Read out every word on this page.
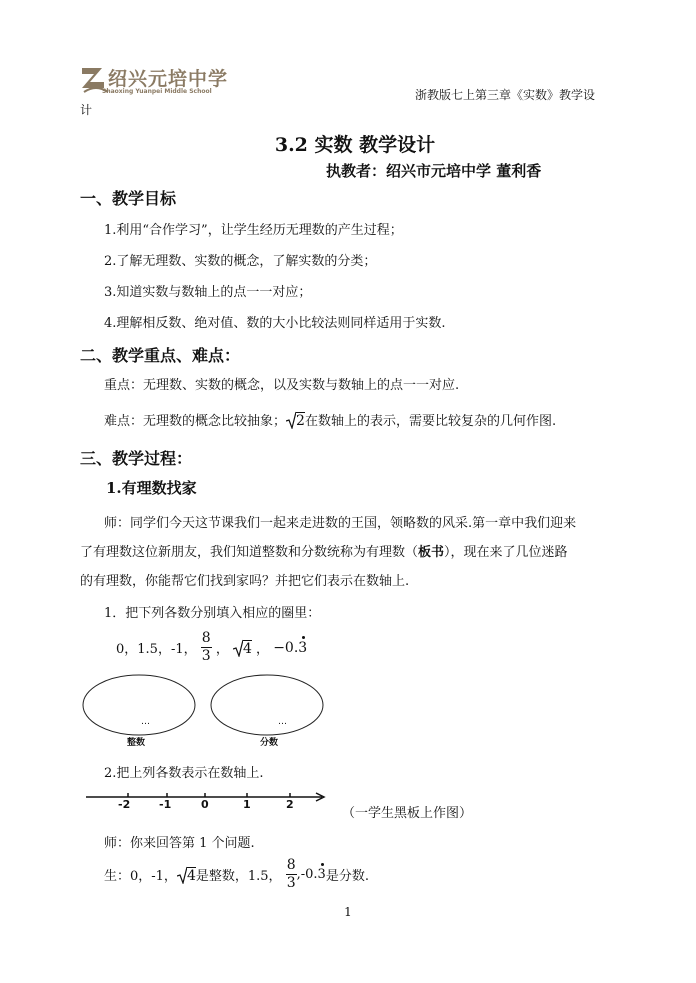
绍兴元培中学
Shaoxing Yuanpei Middle School	浙教版七上第三章《实数》教学设
计
3.2 实数 教学设计
执教者：绍兴市元培中学 董利香
一、教学目标
1.利用“合作学习”，让学生经历无理数的产生过程；
2.了解无理数、实数的概念，了解实数的分类；
3.知道实数与数轴上的点一一对应；
4.理解相反数、绝对值、数的大小比较法则同样适用于实数.
二、教学重点、难点：
重点：无理数、实数的概念，以及实数与数轴上的点一一对应.
难点：无理数的概念比较抽象； 2在数轴上的表示，需要比较复杂的几何作图.
三、教学过程：
1.有理数找家
师：同学们今天这节课我们一起来走进数的王国，领略数的风采.第一章中我们迎来
了有理数这位新朋友，我们知道整数和分数统称为有理数（板书），现在来了几位迷路
的有理数，你能帮它们找到家吗？并把它们表示在数轴上.
1．把下列各数分别填入相应的圈里：
0，1.5，-1， $\frac{8}{3}$ ， 4 ， −0.3
…	…
整数	分数
2.把上列各数表示在数轴上.
-2	-1	0	1	2
（一学生黑板上作图）
师：你来回答第 1 个问题.
生：0，-1， 4是整数，1.5， $\frac{8}{3} ,-0.3$是分数.
1
